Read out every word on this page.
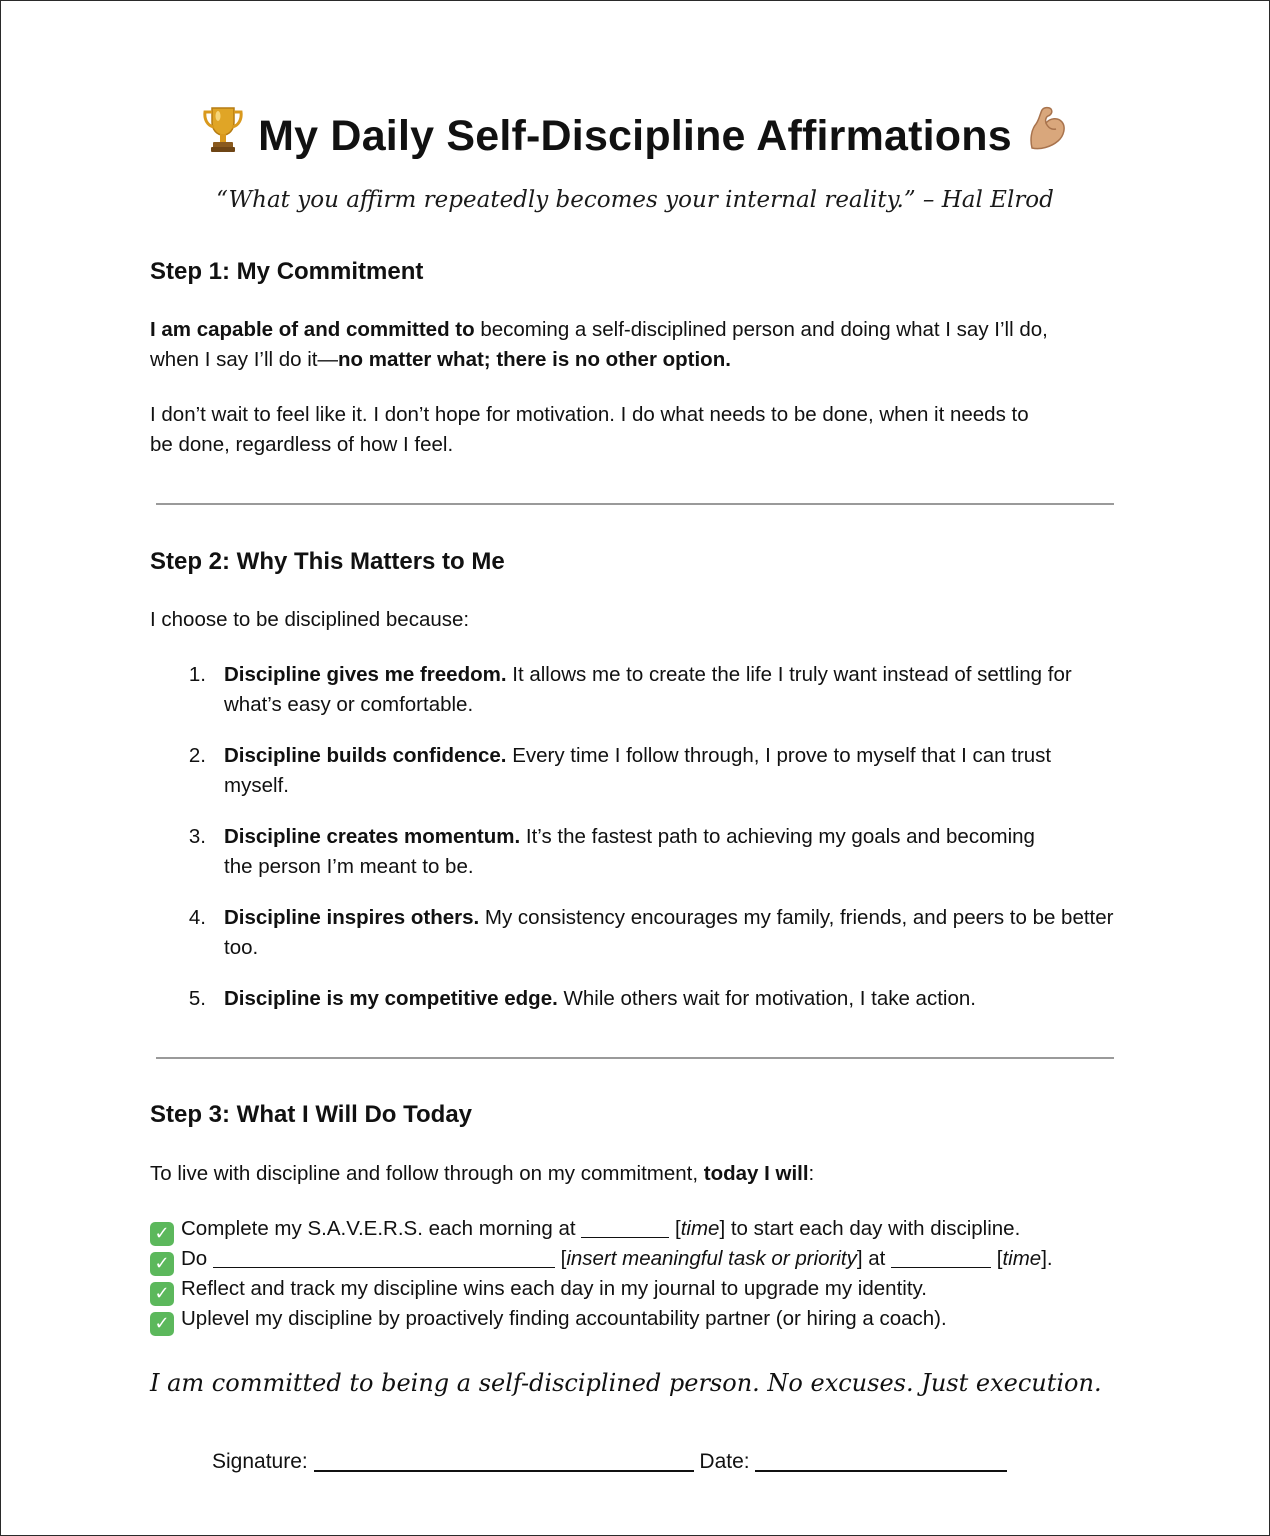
My Daily Self-Discipline Affirmations
“What you affirm repeatedly becomes your internal reality.” – Hal Elrod
Step 1: My Commitment
I am capable of and committed to becoming a self-disciplined person and doing what I say I’ll do, when I say I’ll do it—no matter what; there is no other option.
I don’t wait to feel like it. I don’t hope for motivation. I do what needs to be done, when it needs to be done, regardless of how I feel.
Step 2: Why This Matters to Me
I choose to be disciplined because:
1. Discipline gives me freedom. It allows me to create the life I truly want instead of settling for what’s easy or comfortable.
2. Discipline builds confidence. Every time I follow through, I prove to myself that I can trust myself.
3. Discipline creates momentum. It’s the fastest path to achieving my goals and becoming the person I’m meant to be.
4. Discipline inspires others. My consistency encourages my family, friends, and peers to be better too.
5. Discipline is my competitive edge. While others wait for motivation, I take action.
Step 3: What I Will Do Today
To live with discipline and follow through on my commitment, today I will:
✓ Complete my S.A.V.E.R.S. each morning at	[time] to start each day with discipline.
✓ Do	[insert meaningful task or priority] at	[time].
✓ Reflect and track my discipline wins each day in my journal to upgrade my identity.
✓ Uplevel my discipline by proactively finding accountability partner (or hiring a coach).
I am committed to being a self-disciplined person. No excuses. Just execution.
Signature:	Date:
